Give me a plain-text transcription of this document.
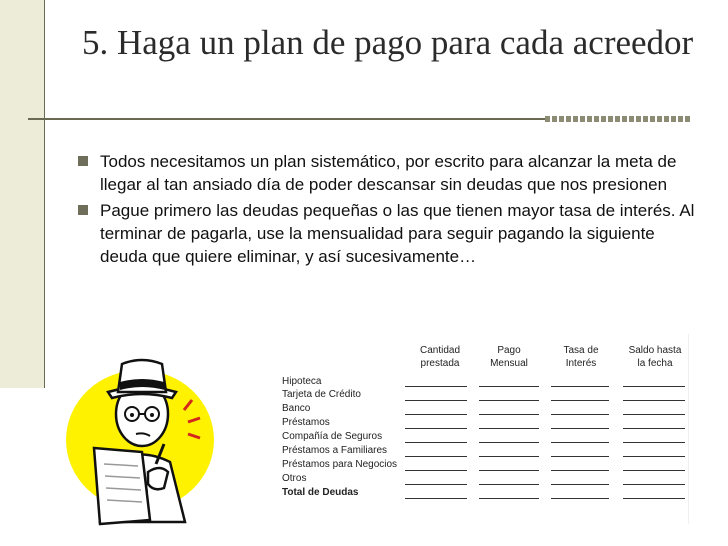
5. Haga un plan de pago para cada acreedor
Todos necesitamos un plan sistemático, por escrito para alcanzar la meta de llegar al tan ansiado día de poder descansar sin deudas que nos presionen
Pague primero las deudas pequeñas o las que tienen mayor tasa de interés. Al terminar de pagarla, use la mensualidad para seguir pagando la siguiente deuda que quiere eliminar, y así sucesivamente…
Cantidad
prestada
Pago
Mensual
Tasa de
Interés
Saldo hasta
la fecha
Hipoteca
Tarjeta de Crédito
Banco
Préstamos
Compañía de Seguros
Préstamos a Familiares
Préstamos para Negocios
Otros
Total de Deudas
